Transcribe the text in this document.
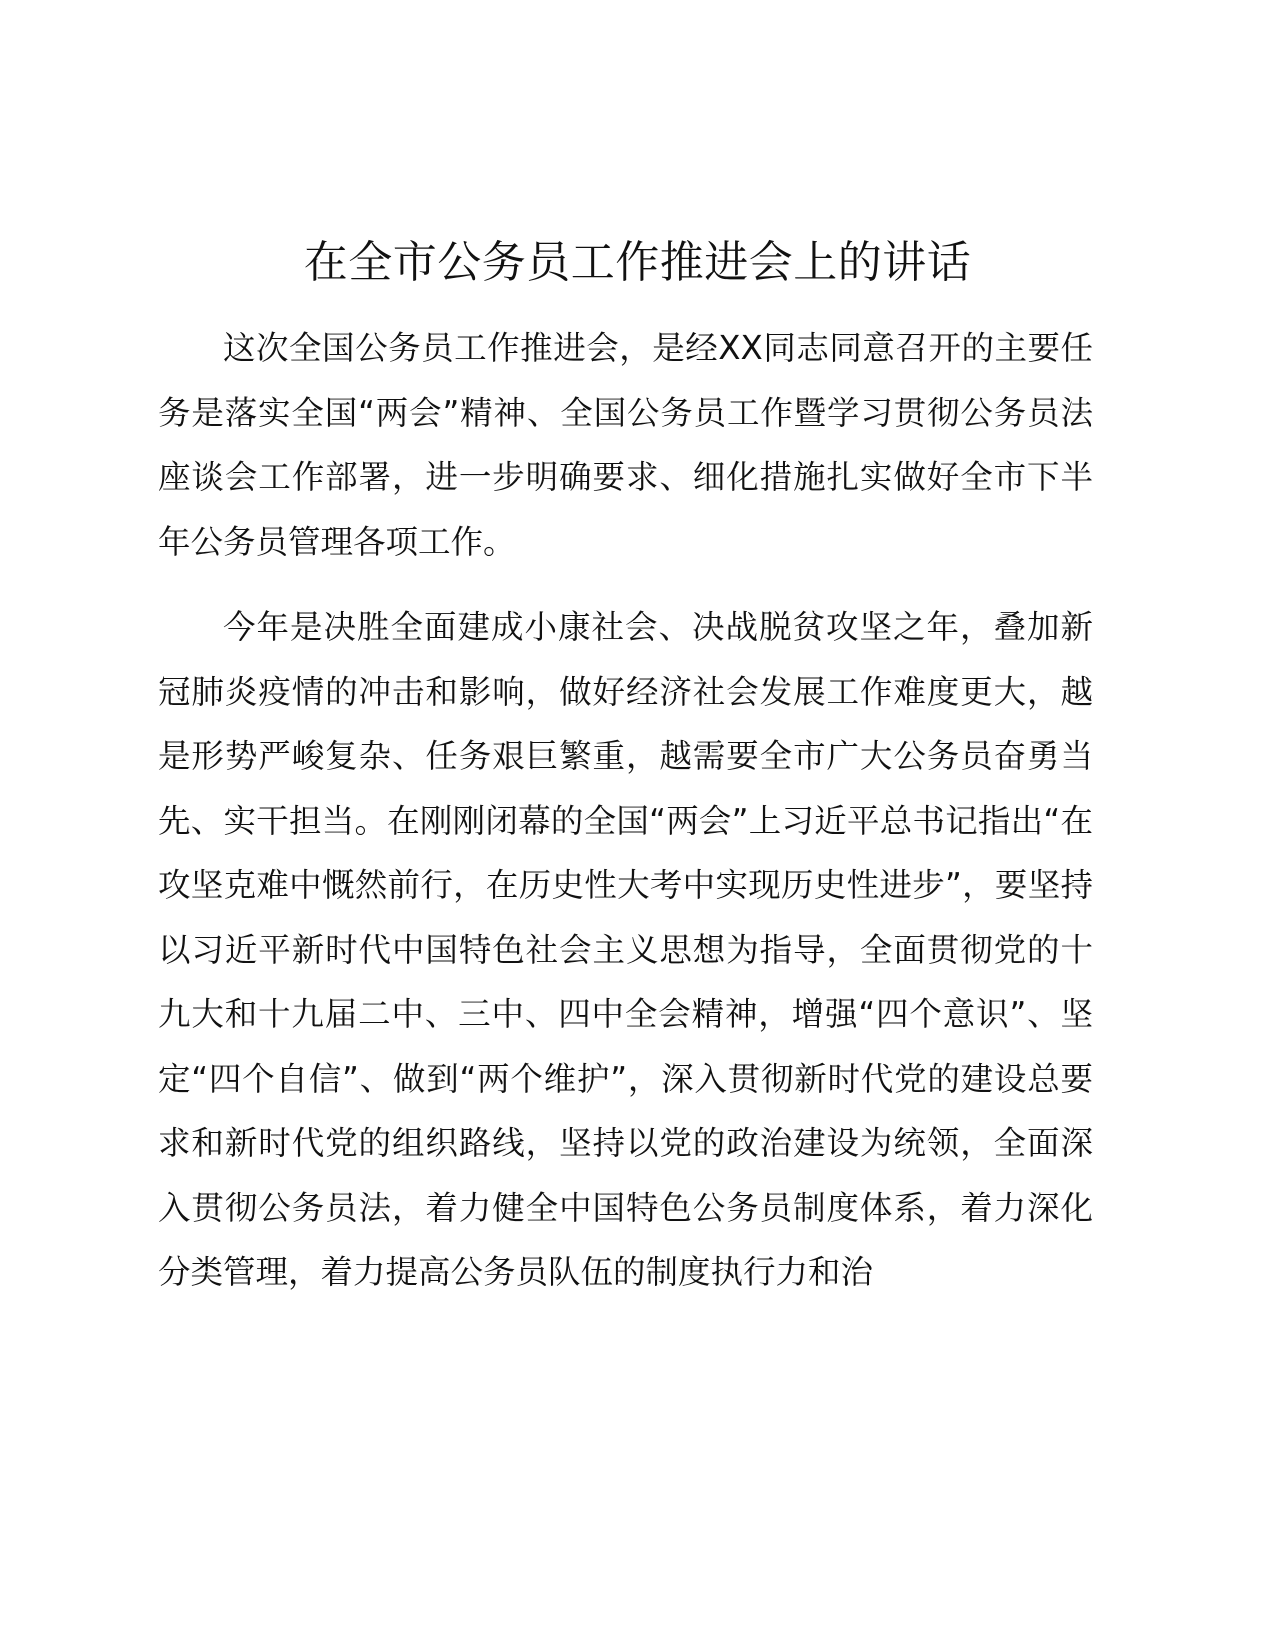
在全市公务员工作推进会上的讲话

这次全国公务员工作推进会，是经XX同志同意召开的主要任务是落实全国“两会”精神、全国公务员工作暨学习贯彻公务员法座谈会工作部署，进一步明确要求、细化措施扎实做好全市下半年公务员管理各项工作。

今年是决胜全面建成小康社会、决战脱贫攻坚之年，叠加新冠肺炎疫情的冲击和影响，做好经济社会发展工作难度更大，越是形势严峻复杂、任务艰巨繁重，越需要全市广大公务员奋勇当先、实干担当。在刚刚闭幕的全国“两会”上习近平总书记指出“在攻坚克难中慨然前行，在历史性大考中实现历史性进步”，要坚持以习近平新时代中国特色社会主义思想为指导，全面贯彻党的十九大和十九届二中、三中、四中全会精神，增强“四个意识”、坚定“四个自信”、做到“两个维护”，深入贯彻新时代党的建设总要求和新时代党的组织路线，坚持以党的政治建设为统领，全面深入贯彻公务员法，着力健全中国特色公务员制度体系，着力深化分类管理，着力提高公务员队伍的制度执行力和治
